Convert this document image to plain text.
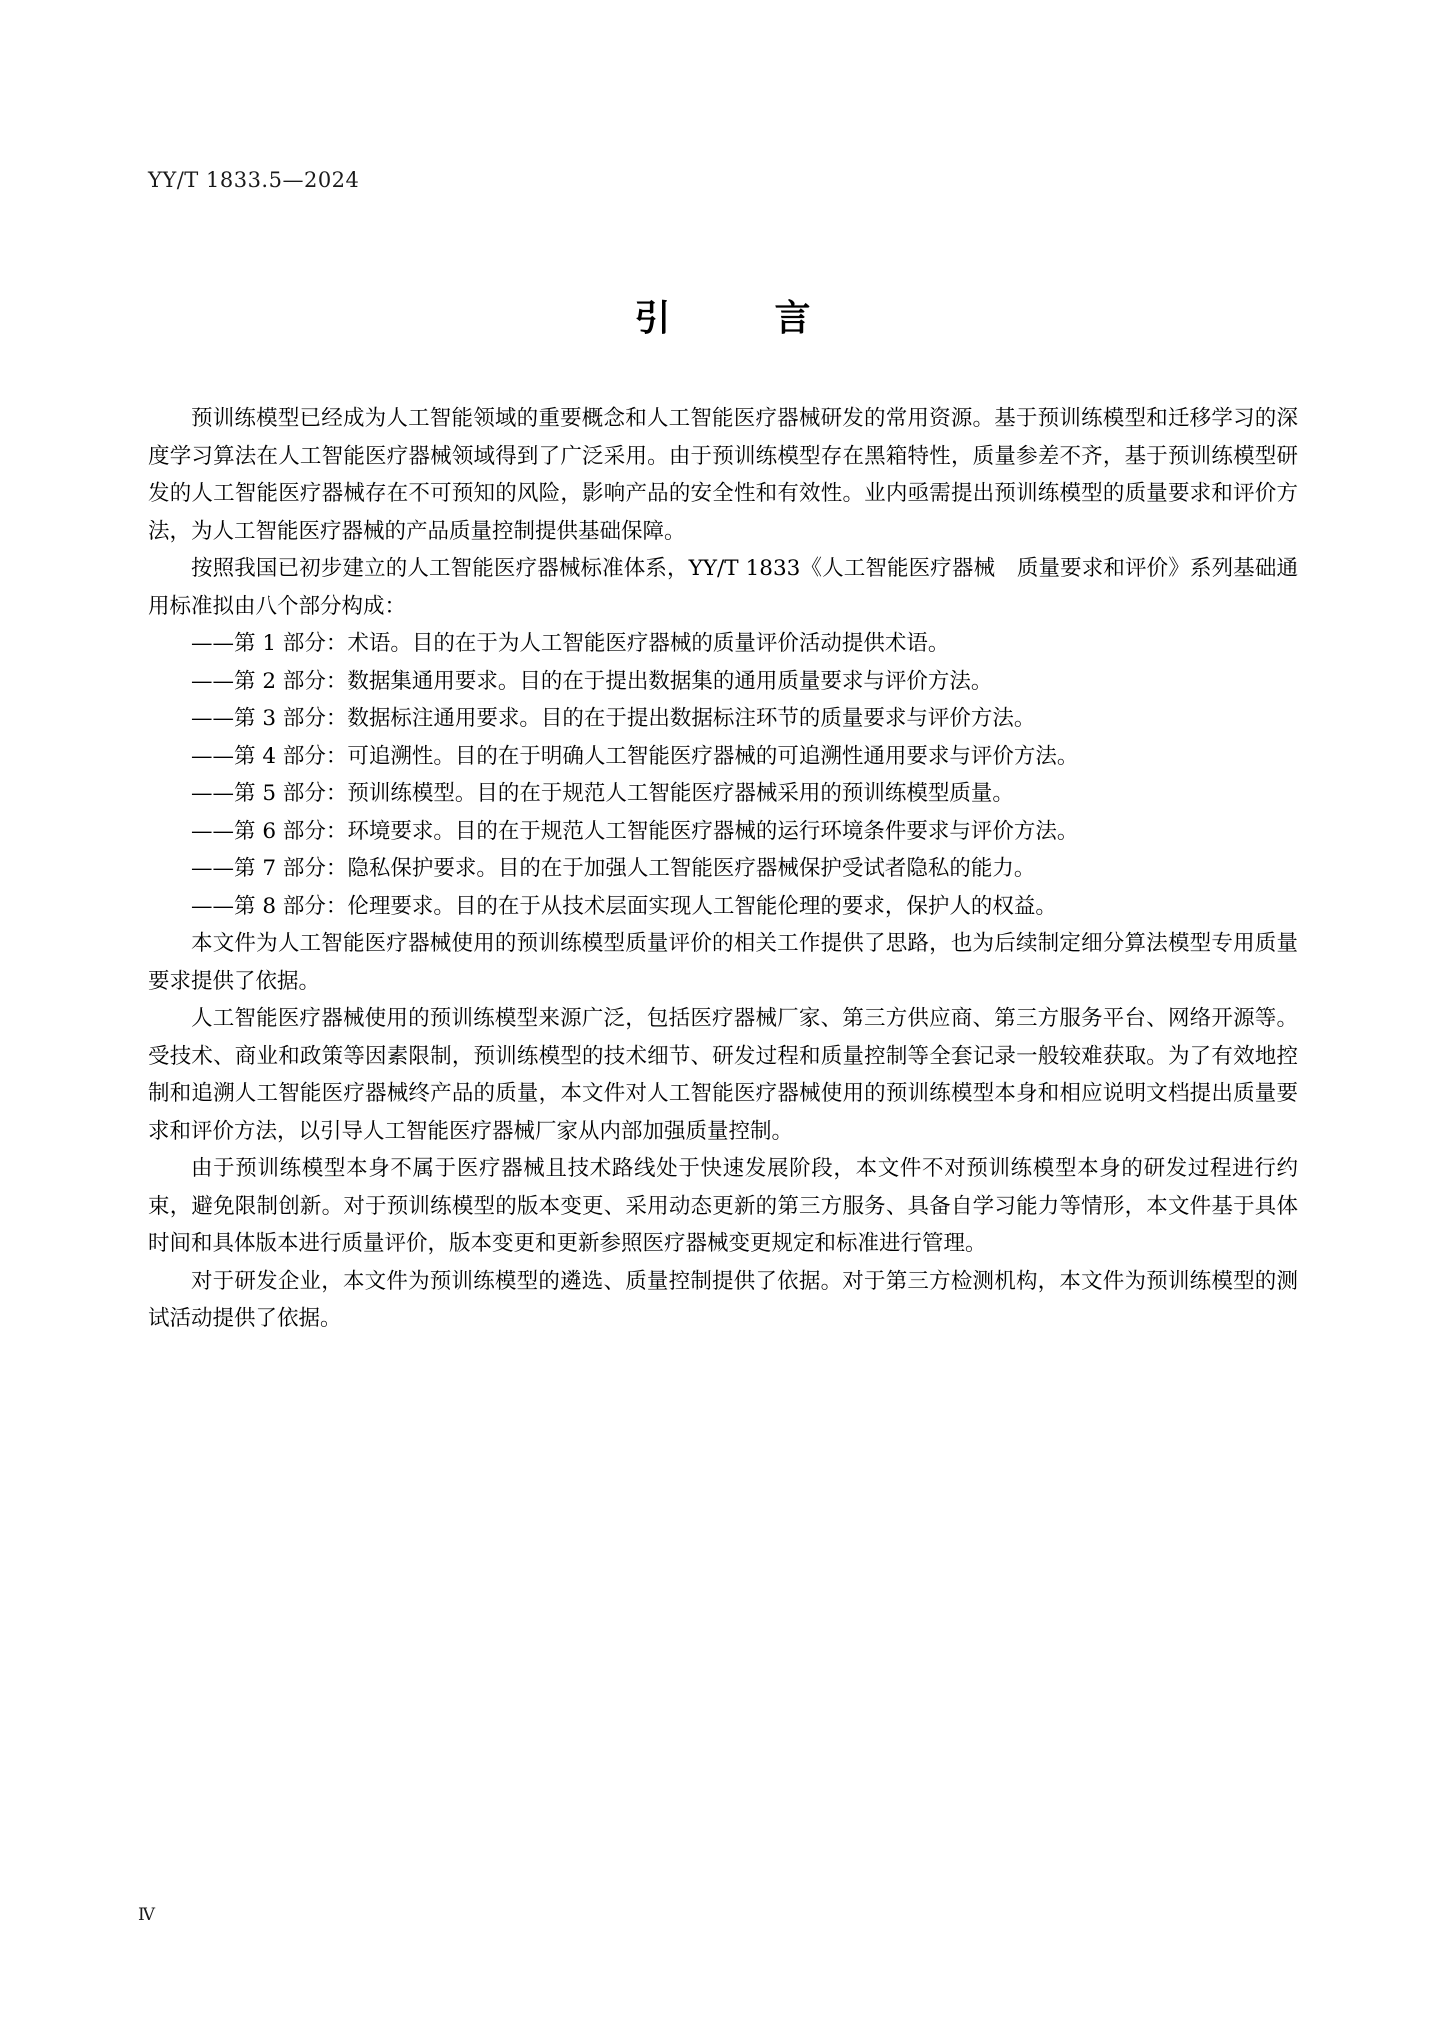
YY/T 1833.5—2024
引　言

预训练模型已经成为人工智能领域的重要概念和人工智能医疗器械研发的常用资源。基于预训练模型和迁移学习的深度学习算法在人工智能医疗器械领域得到了广泛采用。由于预训练模型存在黑箱特性，质量参差不齐，基于预训练模型研发的人工智能医疗器械存在不可预知的风险，影响产品的安全性和有效性。业内亟需提出预训练模型的质量要求和评价方法，为人工智能医疗器械的产品质量控制提供基础保障。

按照我国已初步建立的人工智能医疗器械标准体系，YY/T 1833《人工智能医疗器械　质量要求和评价》系列基础通用标准拟由八个部分构成：

——第 1 部分：术语。目的在于为人工智能医疗器械的质量评价活动提供术语。

——第 2 部分：数据集通用要求。目的在于提出数据集的通用质量要求与评价方法。

——第 3 部分：数据标注通用要求。目的在于提出数据标注环节的质量要求与评价方法。

——第 4 部分：可追溯性。目的在于明确人工智能医疗器械的可追溯性通用要求与评价方法。

——第 5 部分：预训练模型。目的在于规范人工智能医疗器械采用的预训练模型质量。

——第 6 部分：环境要求。目的在于规范人工智能医疗器械的运行环境条件要求与评价方法。

——第 7 部分：隐私保护要求。目的在于加强人工智能医疗器械保护受试者隐私的能力。

——第 8 部分：伦理要求。目的在于从技术层面实现人工智能伦理的要求，保护人的权益。

本文件为人工智能医疗器械使用的预训练模型质量评价的相关工作提供了思路，也为后续制定细分算法模型专用质量要求提供了依据。

人工智能医疗器械使用的预训练模型来源广泛，包括医疗器械厂家、第三方供应商、第三方服务平台、网络开源等。受技术、商业和政策等因素限制，预训练模型的技术细节、研发过程和质量控制等全套记录一般较难获取。为了有效地控制和追溯人工智能医疗器械终产品的质量，本文件对人工智能医疗器械使用的预训练模型本身和相应说明文档提出质量要求和评价方法，以引导人工智能医疗器械厂家从内部加强质量控制。

由于预训练模型本身不属于医疗器械且技术路线处于快速发展阶段，本文件不对预训练模型本身的研发过程进行约束，避免限制创新。对于预训练模型的版本变更、采用动态更新的第三方服务、具备自学习能力等情形，本文件基于具体时间和具体版本进行质量评价，版本变更和更新参照医疗器械变更规定和标准进行管理。

对于研发企业，本文件为预训练模型的遴选、质量控制提供了依据。对于第三方检测机构，本文件为预训练模型的测试活动提供了依据。

Ⅳ
